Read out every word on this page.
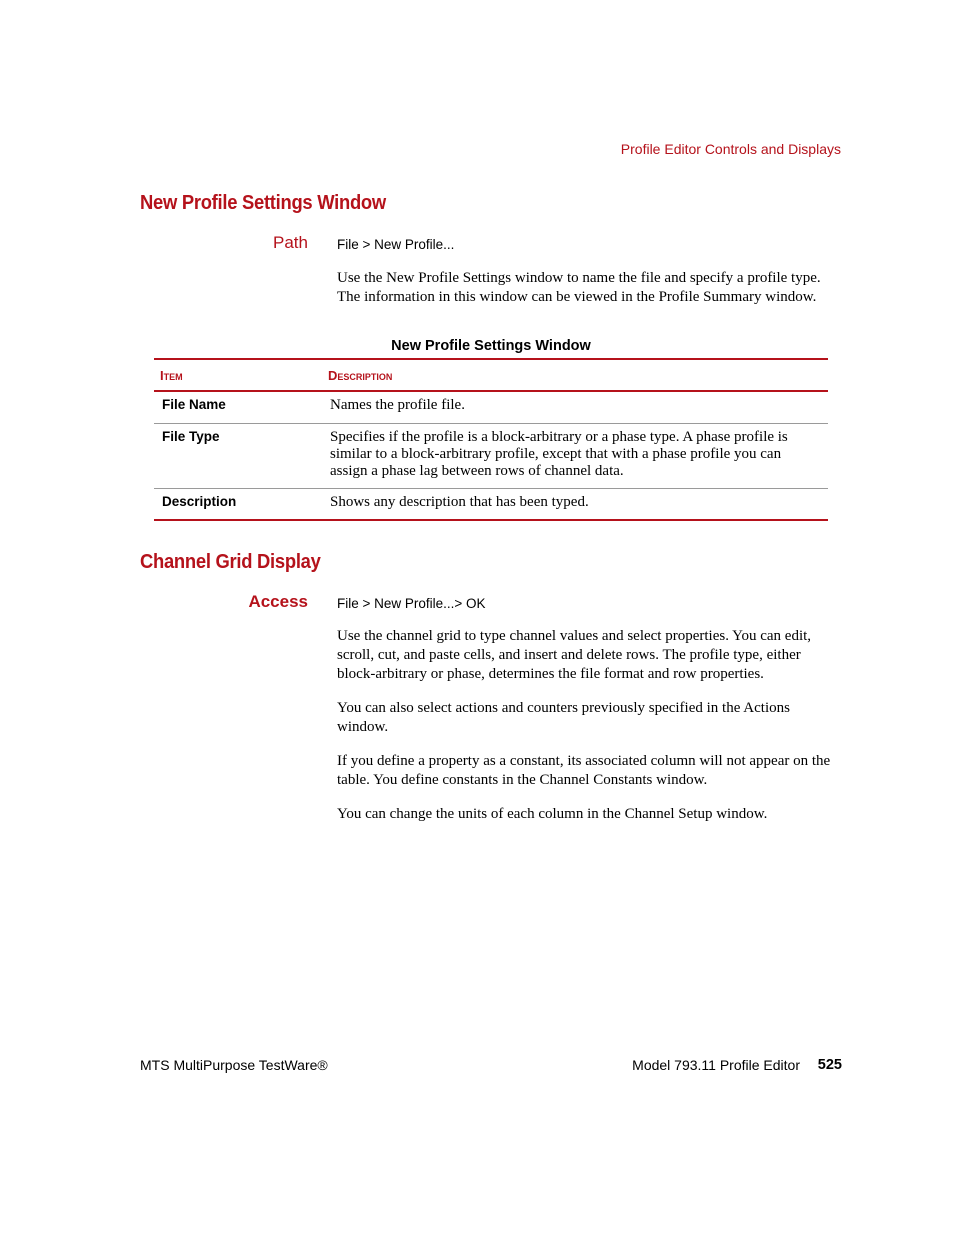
Profile Editor Controls and Displays
New Profile Settings Window
Path File > New Profile...

Use the New Profile Settings window to name the file and specify a profile type. The information in this window can be viewed in the Profile Summary window.

New Profile Settings Window
Item	Description
File Name	Names the profile file.
File Type	Specifies if the profile is a block-arbitrary or a phase type. A phase profile is similar to a block-arbitrary profile, except that with a phase profile you can assign a phase lag between rows of channel data.
Description	Shows any description that has been typed.
Channel Grid Display
Access File > New Profile...> OK

Use the channel grid to type channel values and select properties. You can edit, scroll, cut, and paste cells, and insert and delete rows. The profile type, either block-arbitrary or phase, determines the file format and row properties.

You can also select actions and counters previously specified in the Actions window.

If you define a property as a constant, its associated column will not appear on the table. You define constants in the Channel Constants window.

You can change the units of each column in the Channel Setup window.

MTS MultiPurpose TestWare®	Model 793.11 Profile Editor 525
